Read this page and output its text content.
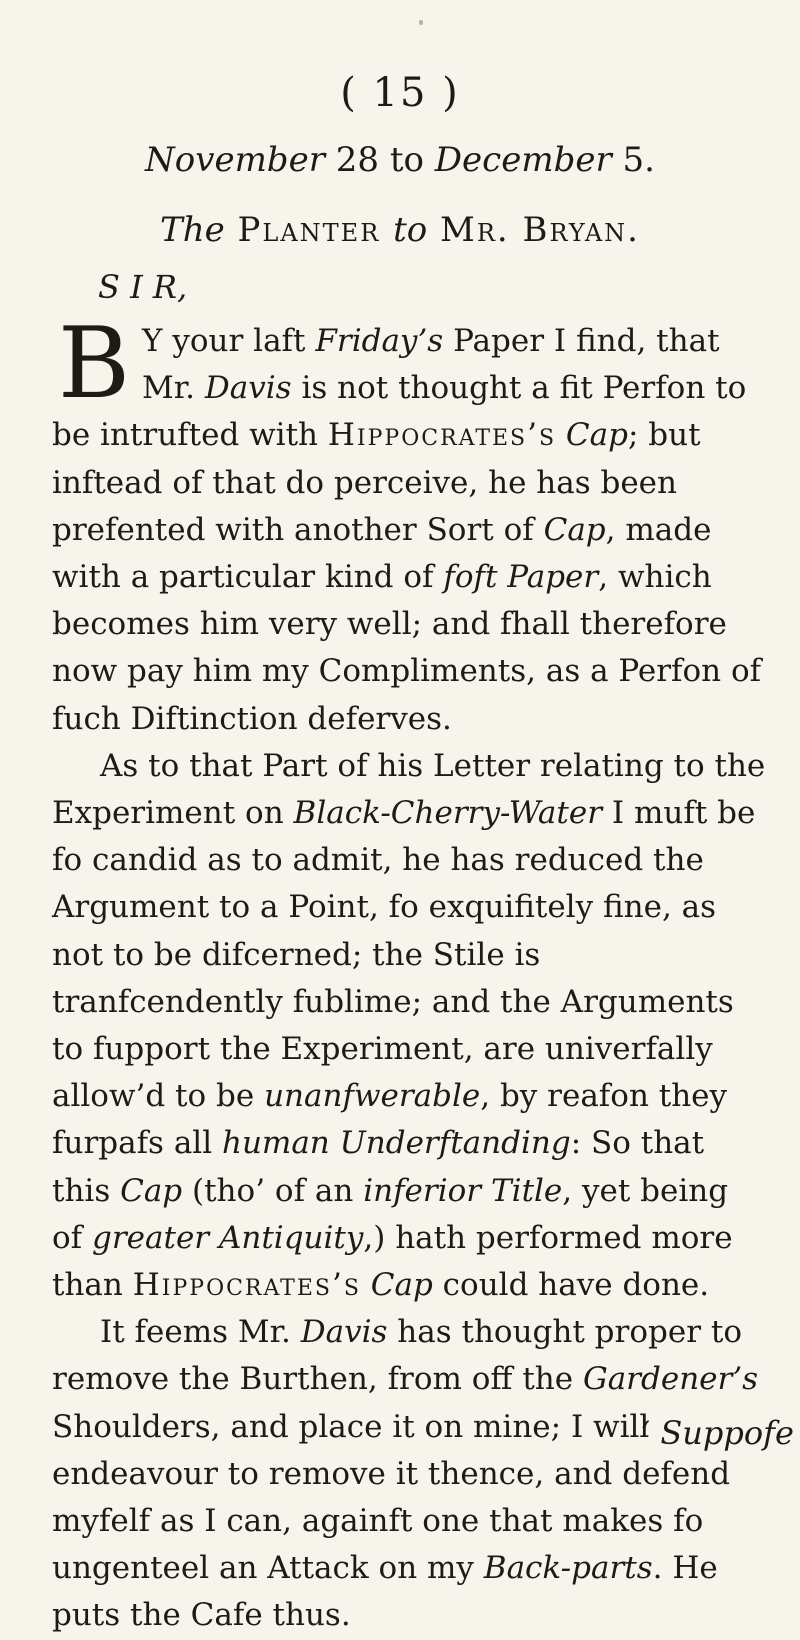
( 15 )
November 28 to December 5.
The Planter to Mr. Bryan.
S I R,

B Y your laft Friday’s Paper I find, that Mr. Davis is not thought a fit Perfon to be intrufted with Hippocrates’s Cap; but inftead of that do perceive, he has been prefented with another Sort of Cap, made with a particular kind of foft Paper, which becomes him very well; and fhall therefore now pay him my Compliments, as a Perfon of fuch Diftinction deferves.

As to that Part of his Letter relating to the Experiment on Black-Cherry-Water I muft be fo candid as to admit, he has reduced the Argument to a Point, fo exquifitely fine, as not to be difcerned; the Stile is tranfcendently fublime; and the Arguments to fupport the Experiment, are univerfally allow’d to be unanfwerable, by reafon they furpafs all human Underftanding: So that this Cap (tho’ of an inferior Title, yet being of greater Antiquity,) hath performed more than Hippocrates’s Cap could have done.

It feems Mr. Davis has thought proper to remove the Burthen, from off the Gardener’s Shoulders, and place it on mine; I will endeavour to remove it thence, and defend myfelf as I can, againft one that makes fo ungenteel an Attack on my Back-parts. He puts the Cafe thus.

‘ Suppofe
